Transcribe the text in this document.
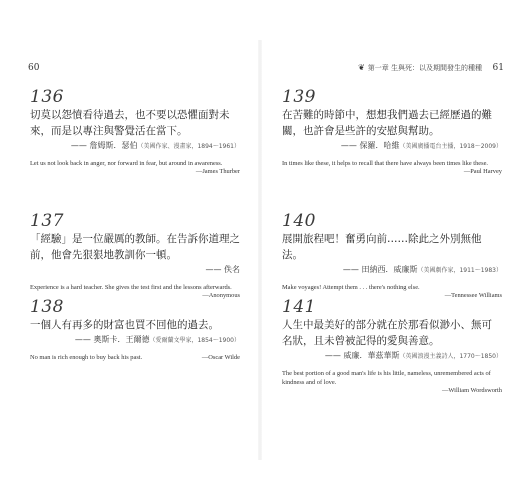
60
136
切莫以怨憤看待過去，也不要以恐懼面對未來，而是以專注與警覺活在當下。
—— 詹姆斯．瑟伯（美國作家、漫畫家，1894～1961）
Let us not look back in anger, nor forward in fear, but around in awareness.
—James Thurber
137
「經驗」是一位嚴厲的教師。在告訴你道理之前，他會先狠狠地教訓你一頓。
—— 佚名
Experience is a hard teacher. She gives the test first and the lessons afterwards.
—Anonymous
138
一個人有再多的財富也買不回他的過去。
—— 奧斯卡．王爾德（愛爾蘭文學家，1854～1900）
No man is rich enough to buy back his past.	—Oscar Wilde
❦ 第一章 生與死：以及期間發生的種種 61
139
在苦難的時節中，想想我們過去已經歷過的難關，也許會是些許的安慰與幫助。
—— 保羅．哈維（美國廣播電台主播，1918～2009）
In times like these, it helps to recall that there have always been times like these.
—Paul Harvey
140
展開旅程吧！奮勇向前……除此之外別無他法。
—— 田納西．威廉斯（美國劇作家，1911～1983）
Make voyages! Attempt them . . . there's nothing else.
—Tennessee Williams
141
人生中最美好的部分就在於那看似渺小、無可名狀，且未曾被記得的愛與善意。
—— 威廉．華茲華斯（英國浪漫主義詩人，1770～1850）
The best portion of a good man's life is his little, nameless, unremembered acts of kindness and of love.
—William Wordsworth
